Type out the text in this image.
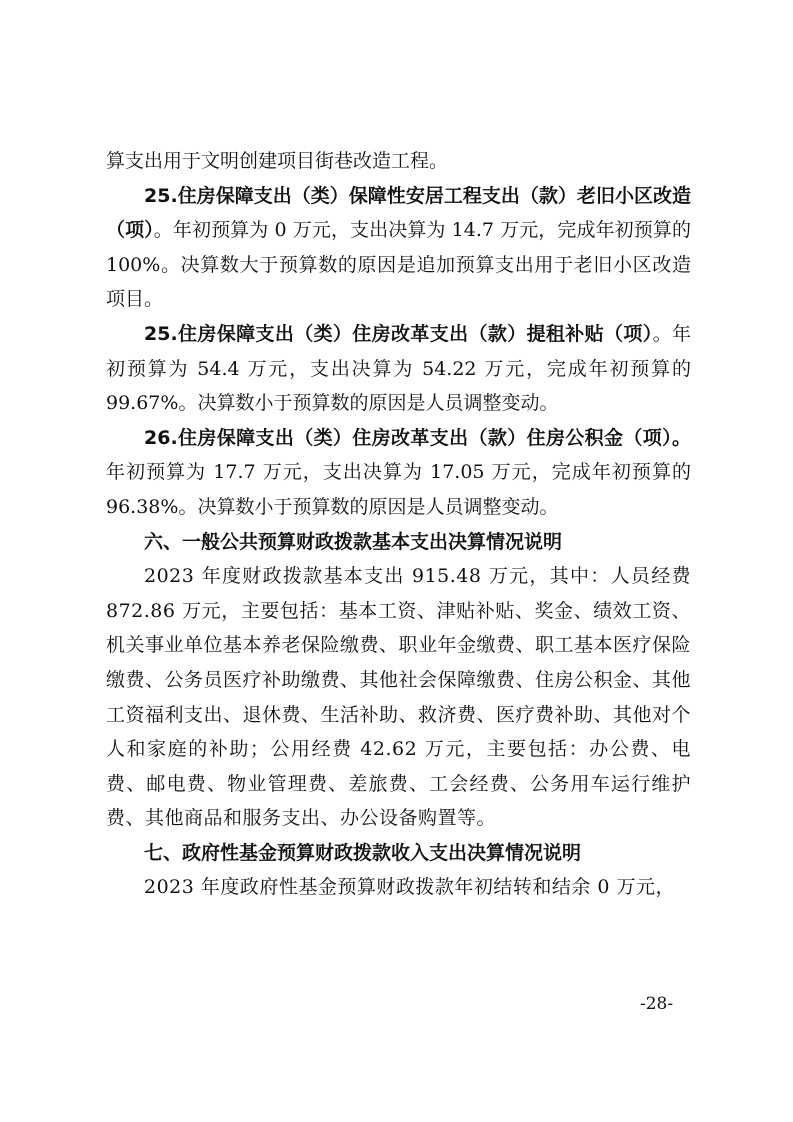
算支出用于文明创建项目街巷改造工程。

25.住房保障支出（类）保障性安居工程支出（款）老旧小区改造（项）。年初预算为 0 万元，支出决算为 14.7 万元，完成年初预算的 100%。决算数大于预算数的原因是追加预算支出用于老旧小区改造项目。

25.住房保障支出（类）住房改革支出（款）提租补贴（项）。年初预算为 54.4 万元，支出决算为 54.22 万元，完成年初预算的 99.67%。决算数小于预算数的原因是人员调整变动。

26.住房保障支出（类）住房改革支出（款）住房公积金（项）。年初预算为 17.7 万元，支出决算为 17.05 万元，完成年初预算的 96.38%。决算数小于预算数的原因是人员调整变动。

六、一般公共预算财政拨款基本支出决算情况说明

2023 年度财政拨款基本支出 915.48 万元，其中：人员经费 872.86 万元，主要包括：基本工资、津贴补贴、奖金、绩效工资、机关事业单位基本养老保险缴费、职业年金缴费、职工基本医疗保险缴费、公务员医疗补助缴费、其他社会保障缴费、住房公积金、其他工资福利支出、退休费、生活补助、救济费、医疗费补助、其他对个人和家庭的补助；公用经费 42.62 万元，主要包括：办公费、电费、邮电费、物业管理费、差旅费、工会经费、公务用车运行维护费、其他商品和服务支出、办公设备购置等。

七、政府性基金预算财政拨款收入支出决算情况说明

2023 年度政府性基金预算财政拨款年初结转和结余 0 万元，

-28-
